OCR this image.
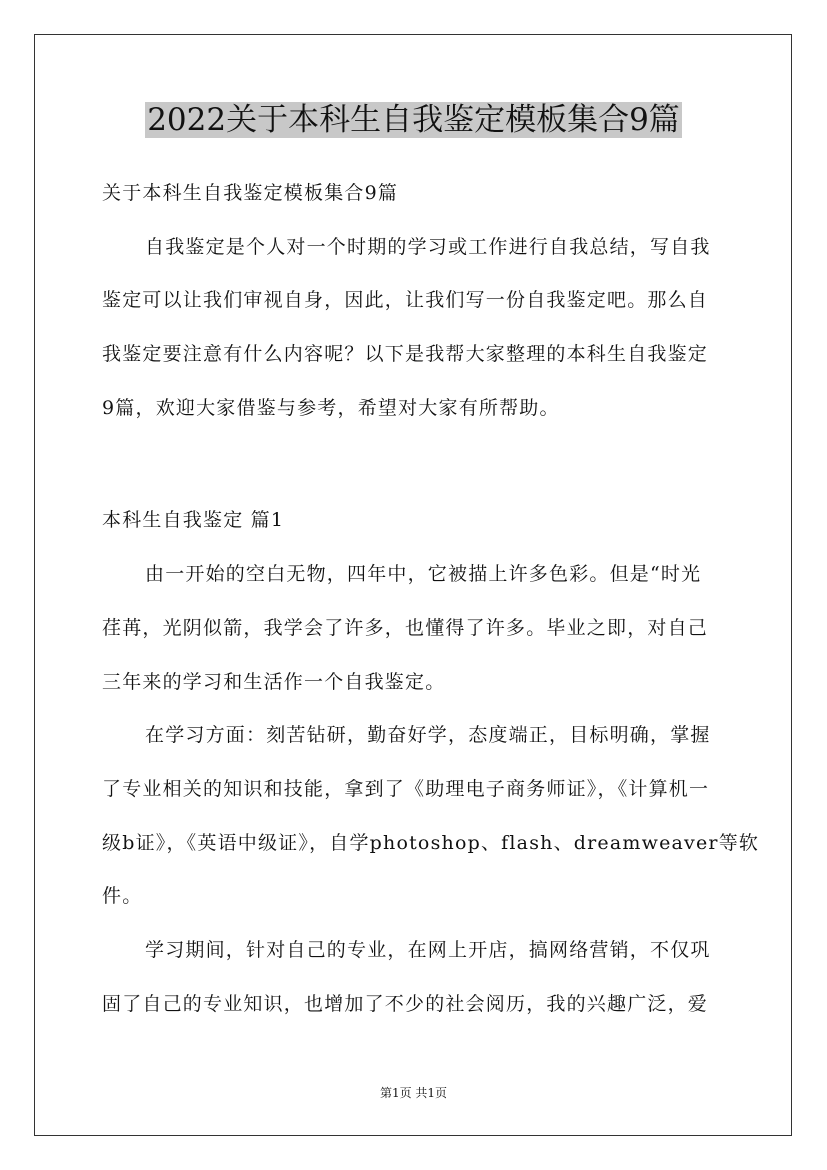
2022关于本科生自我鉴定模板集合9篇

关于本科生自我鉴定模板集合9篇

自我鉴定是个人对一个时期的学习或工作进行自我总结，写自我

鉴定可以让我们审视自身，因此，让我们写一份自我鉴定吧。那么自

我鉴定要注意有什么内容呢？以下是我帮大家整理的本科生自我鉴定

9篇，欢迎大家借鉴与参考，希望对大家有所帮助。

本科生自我鉴定 篇1

由一开始的空白无物，四年中，它被描上许多色彩。但是“时光

荏苒，光阴似箭，我学会了许多，也懂得了许多。毕业之即，对自己

三年来的学习和生活作一个自我鉴定。

在学习方面：刻苦钻研，勤奋好学，态度端正，目标明确，掌握

了专业相关的知识和技能，拿到了《助理电子商务师证》，《计算机一

级b证》，《英语中级证》，自学photoshop、flash、dreamweaver等软

件。

学习期间，针对自己的专业，在网上开店，搞网络营销，不仅巩

固了自己的专业知识，也增加了不少的社会阅历，我的兴趣广泛，爱

第1页 共1页
